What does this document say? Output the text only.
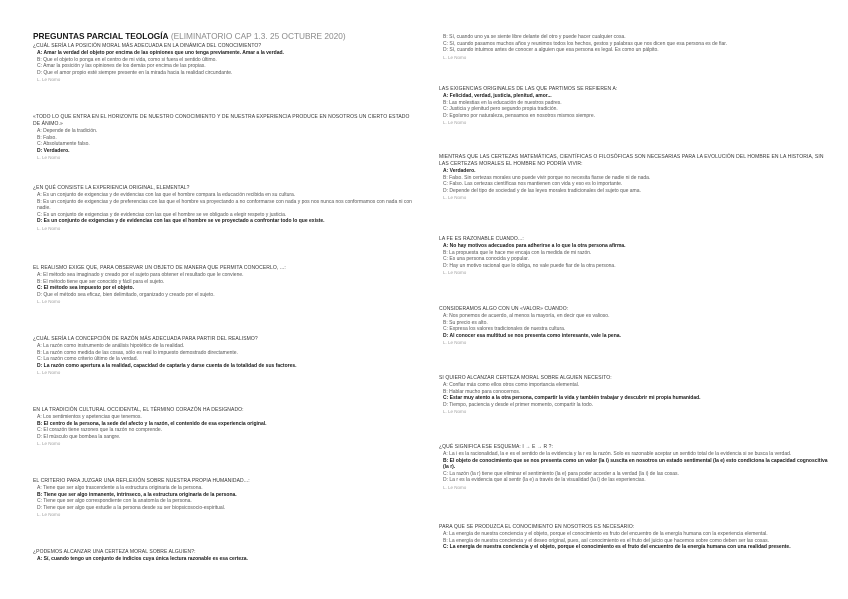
PREGUNTAS PARCIAL TEOLOGÍA (ELIMINATORIO CAP 1.3. 25 OCTUBRE 2020)
¿CUÁL SERÍA LA POSICIÓN MORAL MÁS ADECUADA EN LA DINÁMICA DEL CONOCIMIENTO?
A: Amar la verdad del objeto por encima de las opiniones que uno tenga previamente. Amar a la verdad.
B: Que el objeto lo ponga en el centro de mi vida, como si fuera el sentido último.
C: Amar la posición y las opiniones de los demás por encima de las propias.
D: Que el amor propio esté siempre presente en la mirada hacia la realidad circundante.
L. Le Nomo
«TODO LO QUE ENTRA EN EL HORIZONTE DE NUESTRO CONOCIMIENTO Y DE NUESTRA EXPERIENCIA PRODUCE EN NOSOTROS UN CIERTO ESTADO DE ÁNIMO.»
A: Depende de la tradición.
B: Falso.
C: Absolutamente falso.
D: Verdadero.
L. Le Nomo
¿EN QUÉ CONSISTE LA EXPERIENCIA ORIGINAL, ELEMENTAL?
A: Es un conjunto de exigencias y de evidencias con las que el hombre compara la educación recibida en su cultura.
B: Es un conjunto de exigencias y de preferencias con las que el hombre va proyectando a no conformarse con nada y pos nos nunca nos conformamos con nada ni con nadie.
C: Es un conjunto de exigencias y de evidencias con las que el hombre se ve obligado a elegir respeto y justicia.
D: Es un conjunto de exigencias y de evidencias con las que el hombre se ve proyectado a confrontar todo lo que existe.
L. Le Nomo
EL REALISMO EXIGE QUE, PARA OBSERVAR UN OBJETO DE MANERA QUE PERMITA CONOCERLO, ...:
A: El método sea imaginado y creado por el sujeto para obtener el resultado que le conviene.
B: El método tiene que ser conocido y fácil para el sujeto.
C: El método sea impuesto por el objeto.
D: Que el método sea eficaz, bien delimitado, organizado y creado por el sujeto.
L. Le Nomo
¿CUÁL SERÍA LA CONCEPCIÓN DE RAZÓN MÁS ADECUADA PARA PARTIR DEL REALISMO?
A: La razón como instrumento de análisis hipotético de la realidad.
B: La razón como medida de las cosas, sólo es real lo impuesto demostrado directamente.
C: La razón como criterio último de la verdad.
D: La razón como apertura a la realidad, capacidad de captarla y darse cuenta de la totalidad de sus factores.
L. Le Nomo
EN LA TRADICIÓN CULTURAL OCCIDENTAL, EL TÉRMINO CORAZÓN HA DESIGNADO:
A: Los sentimientos y apetencias que tenemos.
B: El centro de la persona, la sede del afecto y la razón, el contenido de esa experiencia original.
C: El corazón tiene razones que la razón no comprende.
D: El músculo que bombea la sangre.
L. Le Nomo
EL CRITERIO PARA JUZGAR UNA REFLEXIÓN SOBRE NUESTRA PROPIA HUMANIDAD...:
A: Tiene que ser algo trascendente a la estructura originaria de la persona.
B: Tiene que ser algo inmanente, intrínseco, a la estructura originaria de la persona.
C: Tiene que ser algo correspondiente con la anatomía de la persona.
D: Tiene que ser algo que estudie a la persona desde su ser biopsicosocio-espiritual.
L. Le Nomo
¿PODEMOS ALCANZAR UNA CERTEZA MORAL SOBRE ALGUIEN?:
A: Sí, cuando tengo un conjunto de indicios cuya única lectura razonable es esa certeza.
B: Sí, cuando uno ya se siente libre delante del otro y puede hacer cualquier cosa.
C: Sí, cuando pasamos muchos años y reunimos todos los hechos, gestos y palabras que nos dicen que esa persona es de fiar.
D: Sí, cuando intuimos antes de conocer a alguien que esa persona es legal. Es como un pálpito.
L. Le Nomo
LAS EXIGENCIAS ORIGINALES DE LAS QUE PARTIMOS SE REFIEREN A:
A: Felicidad, verdad, justicia, plenitud, amor...
B: Las molestias en la educación de nuestros padres.
C: Justicia y plenitud pero segundo propia tradición.
D: Egoísmo por naturaleza, pensamos en nosotros mismos siempre.
L. Le Nomo
MIENTRAS QUE LAS CERTEZAS MATEMÁTICAS, CIENTÍFICAS O FILOSÓFICAS SON NECESARIAS PARA LA EVOLUCIÓN DEL HOMBRE EN LA HISTORIA, SIN LAS CERTEZAS MORALES EL HOMBRE NO PODRÍA VIVIR:
A: Verdadero.
B: Falso. Sin certezas morales uno puede vivir porque no necesita fiarse de nadie ni de nada.
C: Falso. Las certezas científicas nos mantienen con vida y eso es lo importante.
D: Depende del tipo de sociedad y de las leyes morales tradicionales del sujeto que ama.
L. Le Nomo
LA FE ES RAZONABLE CUANDO...:
A: No hay motivos adecuados para adherirse a lo que la otra persona afirma.
B: La propuesta que le hace me encaja con la medida de mi razón.
C: Es una persona conocida y popular.
D: Hay un motivo racional que lo obliga, no vale puede fiar de la otra persona.
L. Le Nomo
CONSIDERAMOS ALGO CON UN «VALOR» CUANDO:
A: Nos ponemos de acuerdo, al menos la mayoría, en decir que es valioso.
B: Su precio es alto.
C: Expresa los valores tradicionales de nuestra cultura.
D: Al conocer esa multitud se nos presenta como interesante, vale la pena.
L. Le Nomo
SI QUIERO ALCANZAR CERTEZA MORAL SOBRE ALGUIEN NECESITO:
A: Confiar más como ellos otros como importancia elemental.
B: Hablar mucho para conocernos.
C: Estar muy atento a la otra persona, compartir la vida y también trabajar y descubrir mi propia humanidad.
D: Tiempo, paciencia y desde el primer momento, compartir la todo.
L. Le Nomo
¿QUÉ SIGNIFICA ESE ESQUEMA: I → E → R ?:
A: La i es la racionalidad, la e es el sentido de la evidencia y la r es la razón. Solo es razonable aceptar un sentido total de la evidencia si se busca la verdad.
B: El objeto de conocimiento que se nos presenta como un valor (la i) suscita en nosotros un estado sentimental (la e) esto condiciona la capacidad cognoscitiva (la r).
C: La razón (la r) tiene que eliminar el sentimiento (la e) para poder acceder a la verdad (la i) de las cosas.
D: La r es la evidencia que al sentir (la e) a través de la visualidad (la i) de las experiencias.
L. Le Nomo
PARA QUE SE PRODUZCA EL CONOCIMIENTO EN NOSOTROS ES NECESARIO:
A: La energía de nuestra conciencia y el objeto, porque el conocimiento es fruto del encuentro de la energía humana con la experiencia elemental.
B: La energía de nuestra conciencia y el deseo original, pues, así conocimiento es el fruto del juicio que hacemos sobre como deben ser las cosas.
C: La energía de nuestra conciencia y el objeto, porque el conocimiento es el fruto del encuentro de la energía humana con una realidad presente.
